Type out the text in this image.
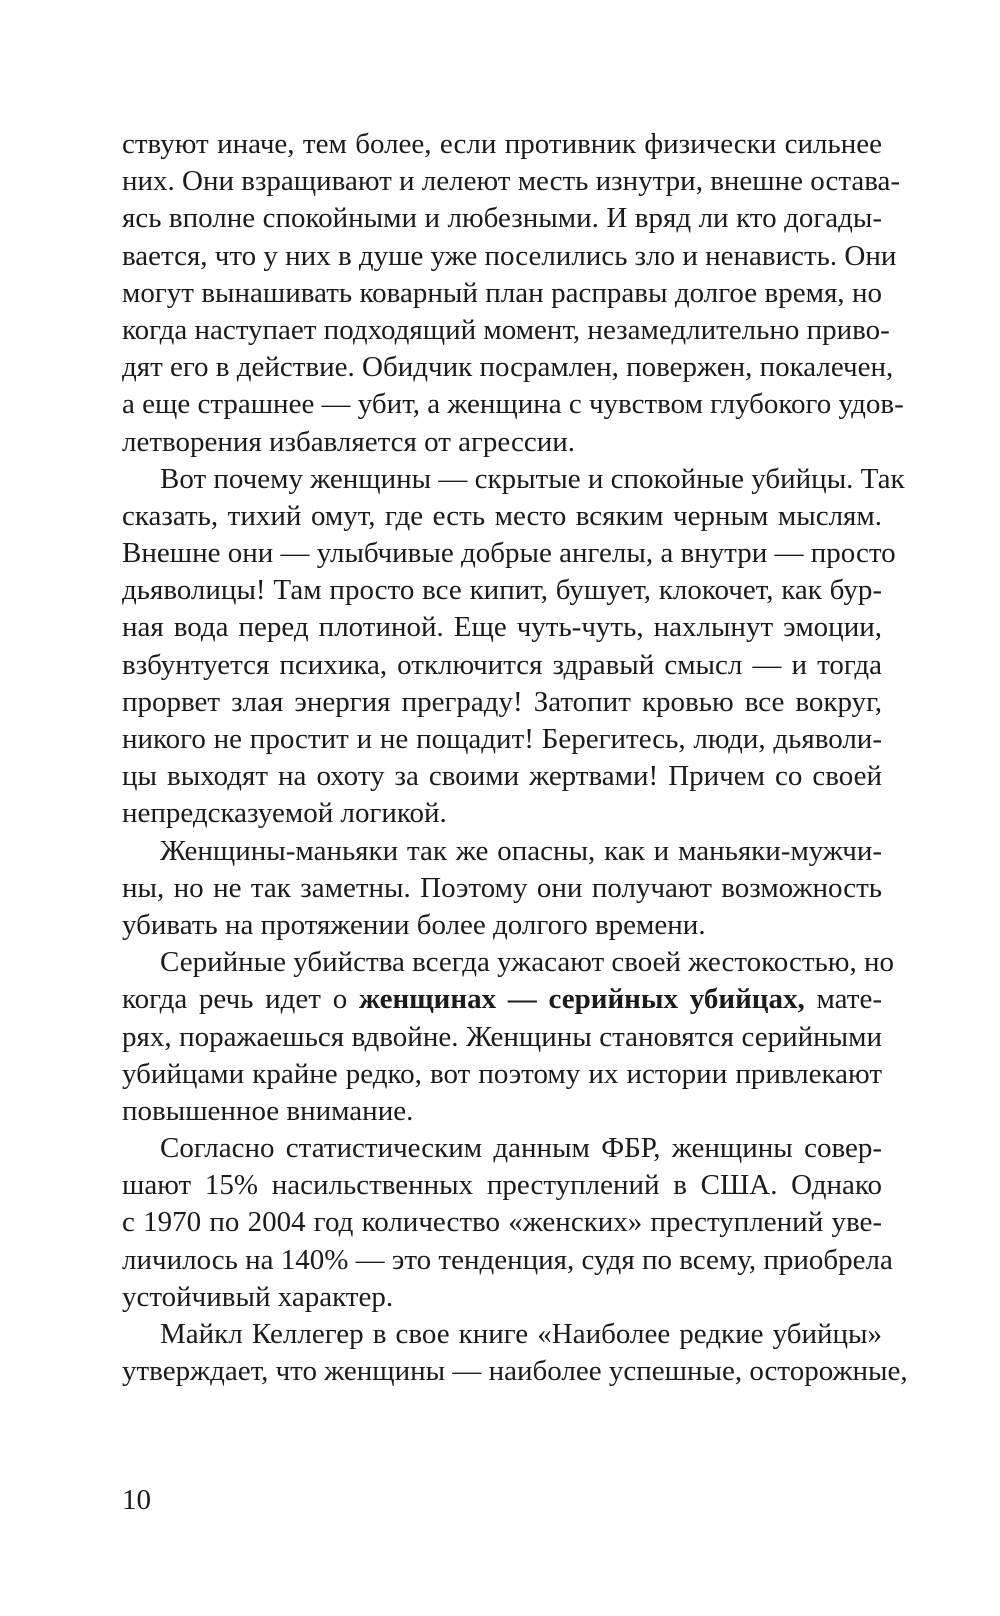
ствуют иначе, тем более, если противник физически сильнее
них. Они взращивают и лелеют месть изнутри, внешне остава-
ясь вполне спокойными и любезными. И вряд ли кто догады-
вается, что у них в душе уже поселились зло и ненависть. Они
могут вынашивать коварный план расправы долгое время, но
когда наступает подходящий момент, незамедлительно приво-
дят его в действие. Обидчик посрамлен, повержен, покалечен,
а еще страшнее — убит, а женщина с чувством глубокого удов-
летворения избавляется от агрессии.
Вот почему женщины — скрытые и спокойные убийцы. Так
сказать, тихий омут, где есть место всяким черным мыслям.
Внешне они — улыбчивые добрые ангелы, а внутри — просто
дьяволицы! Там просто все кипит, бушует, клокочет, как бур-
ная вода перед плотиной. Еще чуть-чуть, нахлынут эмоции,
взбунтуется психика, отключится здравый смысл — и тогда
прорвет злая энергия преграду! Затопит кровью все вокруг,
никого не простит и не пощадит! Берегитесь, люди, дьяволи-
цы выходят на охоту за своими жертвами! Причем со своей
непредсказуемой логикой.
Женщины-маньяки так же опасны, как и маньяки-мужчи-
ны, но не так заметны. Поэтому они получают возможность
убивать на протяжении более долгого времени.
Серийные убийства всегда ужасают своей жестокостью, но
когда речь идет о женщинах — серийных убийцах, мате-
рях, поражаешься вдвойне. Женщины становятся серийными
убийцами крайне редко, вот поэтому их истории привлекают
повышенное внимание.
Согласно статистическим данным ФБР, женщины совер-
шают 15% насильственных преступлений в США. Однако
с 1970 по 2004 год количество «женских» преступлений уве-
личилось на 140% — это тенденция, судя по всему, приобрела
устойчивый характер.
Майкл Келлегер в свое книге «Наиболее редкие убийцы»
утверждает, что женщины — наиболее успешные, осторожные,
10
